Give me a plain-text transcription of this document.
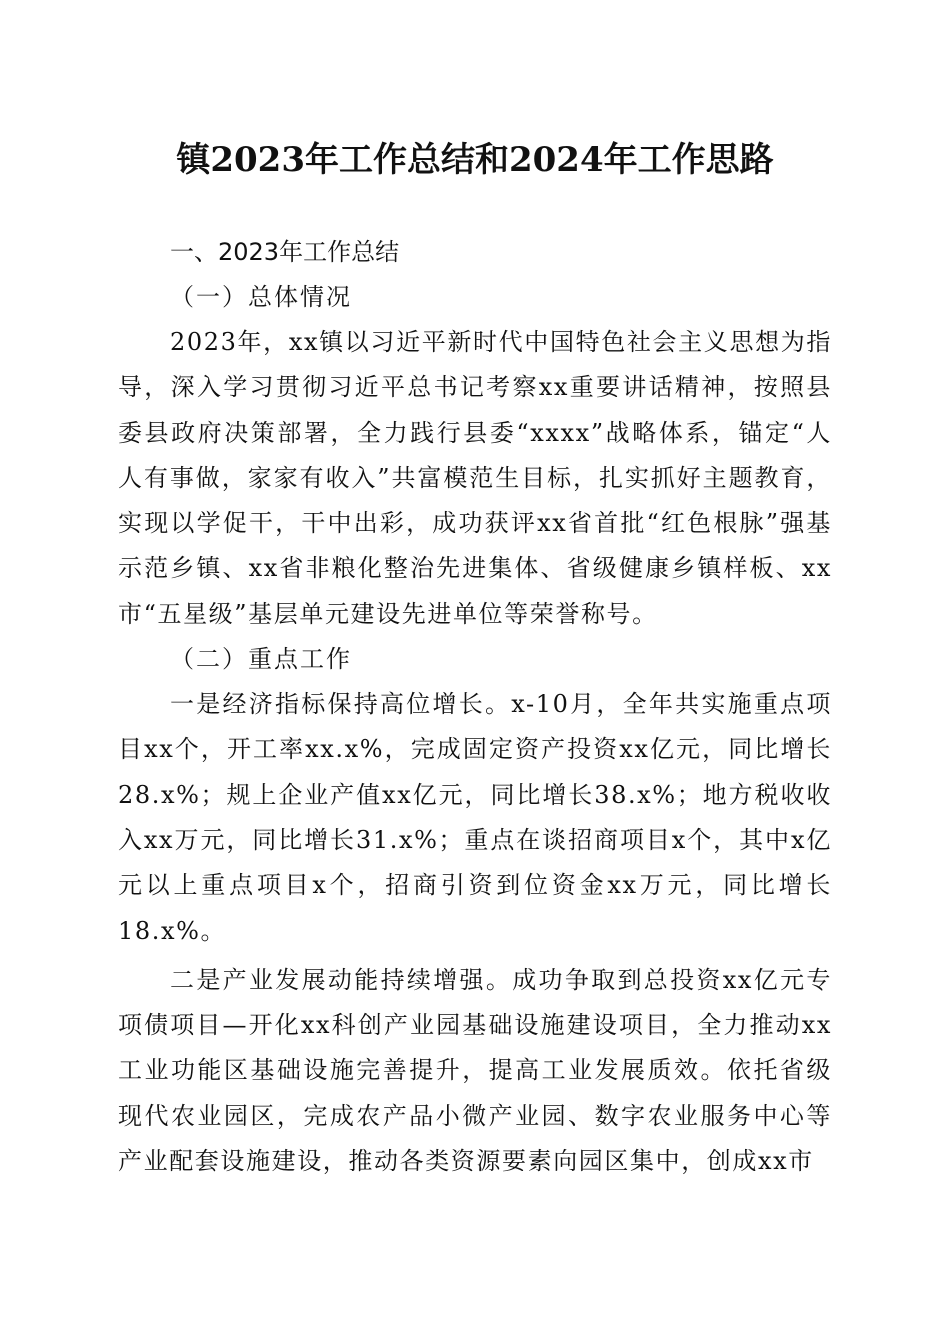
镇2023年工作总结和2024年工作思路

一、2023年工作总结

（一）总体情况

2023年，xx镇以习近平新时代中国特色社会主义思想为指导，深入学习贯彻习近平总书记考察xx重要讲话精神，按照县委县政府决策部署，全力践行县委“xxxx”战略体系，锚定“人人有事做，家家有收入”共富模范生目标，扎实抓好主题教育，实现以学促干，干中出彩，成功获评xx省首批“红色根脉”强基示范乡镇、xx省非粮化整治先进集体、省级健康乡镇样板、xx市“五星级”基层单元建设先进单位等荣誉称号。

（二）重点工作

一是经济指标保持高位增长。x-10月，全年共实施重点项目xx个，开工率xx.x%，完成固定资产投资xx亿元，同比增长28.x%；规上企业产值xx亿元，同比增长38.x%；地方税收收入xx万元，同比增长31.x%；重点在谈招商项目x个，其中x亿元以上重点项目x个，招商引资到位资金xx万元，同比增长18.x%。

二是产业发展动能持续增强。成功争取到总投资xx亿元专项债项目—开化xx科创产业园基础设施建设项目，全力推动xx工业功能区基础设施完善提升，提高工业发展质效。依托省级现代农业园区，完成农产品小微产业园、数字农业服务中心等产业配套设施建设，推动各类资源要素向园区集中，创成xx市
